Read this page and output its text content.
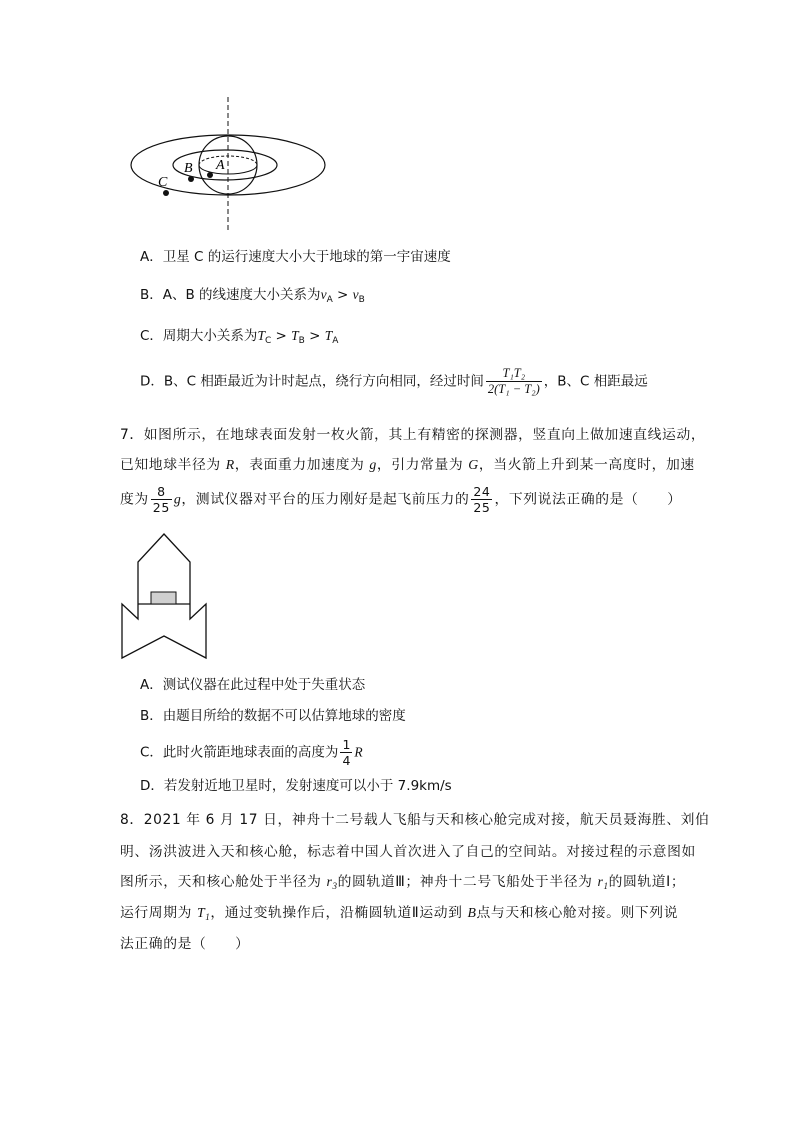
A
B
C
A．卫星 C 的运行速度大小大于地球的第一宇宙速度
B．A、B 的线速度大小关系为$v_A > v_B$
C．周期大小关系为$T_C > T_B > T_A$
D．B、C 相距最近为计时起点，绕行方向相同，经过时间 $\frac{\text{T₁T₂}}{\text{2(T₁ − T₂)}}$ ，B、C 相距最远
7．如图所示，在地球表面发射一枚火箭，其上有精密的探测器，竖直向上做加速直线运动，
已知地球半径为 R，表面重力加速度为 g，引力常量为 G，当火箭上升到某一高度时，加速
度为 $\frac{8}{25}$ g，测试仪器对平台的压力刚好是起飞前压力的 $\frac{24}{25}$ ，下列说法正确的是（　　）
A．测试仪器在此过程中处于失重状态
B．由题目所给的数据不可以估算地球的密度
C．此时火箭距地球表面的高度为 $\frac{1}{4}$ R
D．若发射近地卫星时，发射速度可以小于 7.9km/s
8．2021 年 6 月 17 日，神舟十二号载人飞船与天和核心舱完成对接，航天员聂海胜、刘伯
明、汤洪波进入天和核心舱，标志着中国人首次进入了自己的空间站。对接过程的示意图如
图所示，天和核心舱处于半径为 $r_3$的圆轨道Ⅲ；神舟十二号飞船处于半径为 $r_1$的圆轨道Ⅰ；
运行周期为 $T_1$，通过变轨操作后，沿椭圆轨道Ⅱ运动到 B点与天和核心舱对接。则下列说
法正确的是（　　）
